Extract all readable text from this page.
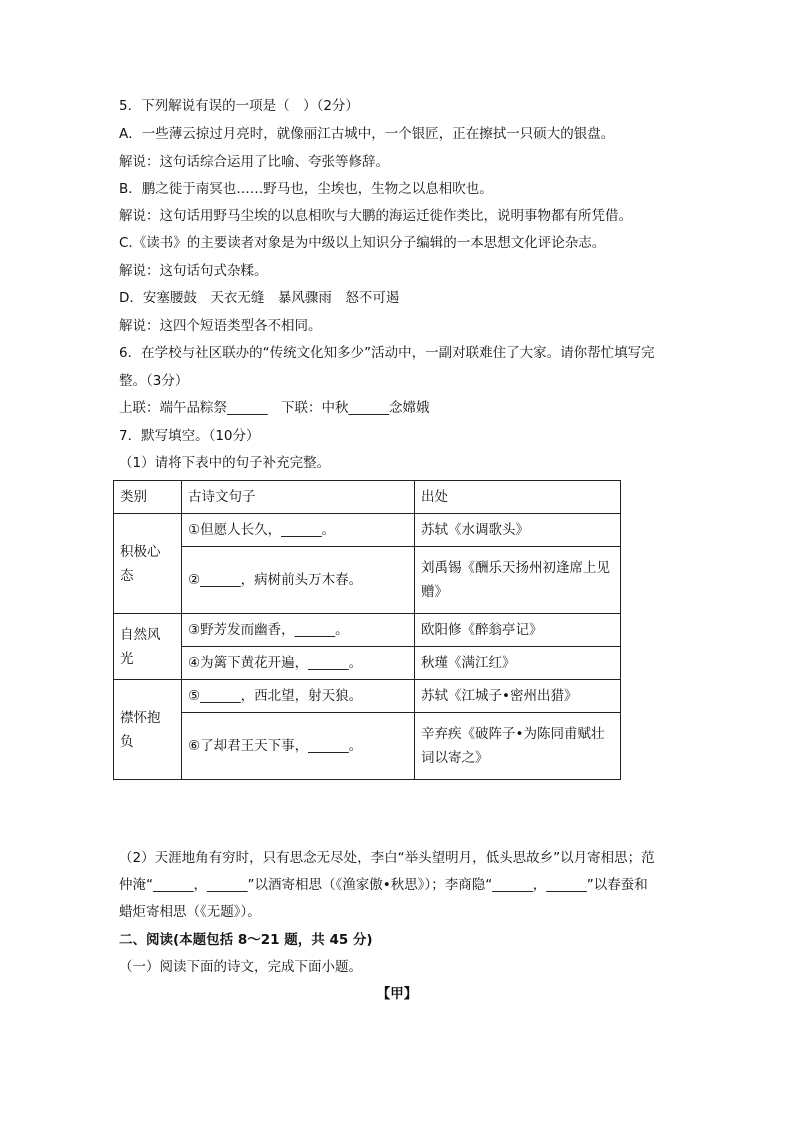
5．下列解说有误的一项是（　）（2分）
A．一些薄云掠过月亮时，就像丽江古城中，一个银匠，正在擦拭一只硕大的银盘。
解说：这句话综合运用了比喻、夸张等修辞。
B．鹏之徙于南冥也……野马也，尘埃也，生物之以息相吹也。
解说：这句话用野马尘埃的以息相吹与大鹏的海运迁徙作类比，说明事物都有所凭借。
C.《读书》的主要读者对象是为中级以上知识分子编辑的一本思想文化评论杂志。
解说：这句话句式杂糅。
D．安塞腰鼓　天衣无缝　暴风骤雨　怒不可遏
解说：这四个短语类型各不相同。
6．在学校与社区联办的“传统文化知多少”活动中，一副对联难住了大家。请你帮忙填写完
整。（3分）
上联：端午品粽祭______　下联：中秋______念嫦娥
7．默写填空。（10分）
（1）请将下表中的句子补充完整。
类别	古诗文句子	出处
积极心
态	①但愿人长久，______。	苏轼《水调歌头》
	②______，病树前头万木春。	刘禹锡《酬乐天扬州初逢席上见
赠》
自然风
光	③野芳发而幽香，______。	欧阳修《醉翁亭记》
	④为篱下黄花开遍，______。	秋瑾《满江红》
襟怀抱
负	⑤______，西北望，射天狼。	苏轼《江城子•密州出猎》
	⑥了却君王天下事，______。	辛弃疾《破阵子•为陈同甫赋壮
词以寄之》
（2）天涯地角有穷时，只有思念无尽处，李白“举头望明月，低头思故乡”以月寄相思；范
仲淹“______，______”以酒寄相思（《渔家傲•秋思》）；李商隐“______，______”以春蚕和
蜡炬寄相思（《无题》）。
二、阅读(本题包括 8～21 题，共 45 分)
（一）阅读下面的诗文，完成下面小题。
【甲】
